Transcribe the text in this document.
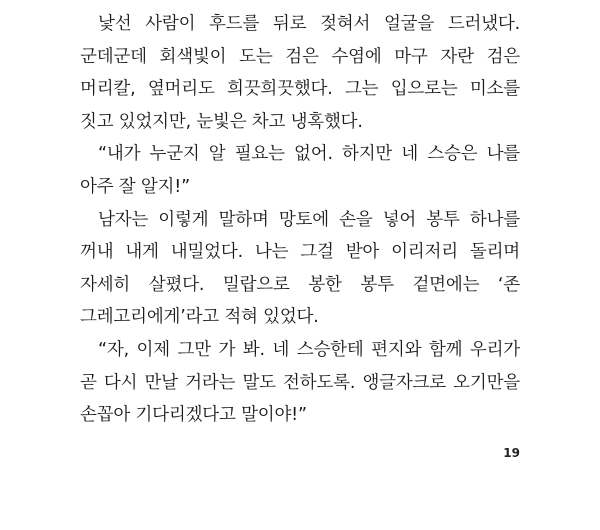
낯선 사람이 후드를 뒤로 젖혀서 얼굴을 드러냈다. 군데군데 회색빛이 도는 검은 수염에 마구 자란 검은 머리칼, 옆머리도 희끗희끗했다. 그는 입으로는 미소를 짓고 있었지만, 눈빛은 차고 냉혹했다.

“내가 누군지 알 필요는 없어. 하지만 네 스승은 나를 아주 잘 알지!”

남자는 이렇게 말하며 망토에 손을 넣어 봉투 하나를 꺼내 내게 내밀었다. 나는 그걸 받아 이리저리 돌리며 자세히 살폈다. 밀랍으로 봉한 봉투 겉면에는 ‘존 그레고리에게’라고 적혀 있었다.

“자, 이제 그만 가 봐. 네 스승한테 편지와 함께 우리가 곧 다시 만날 거라는 말도 전하도록. 앵글자크로 오기만을 손꼽아 기다리겠다고 말이야!”

19
